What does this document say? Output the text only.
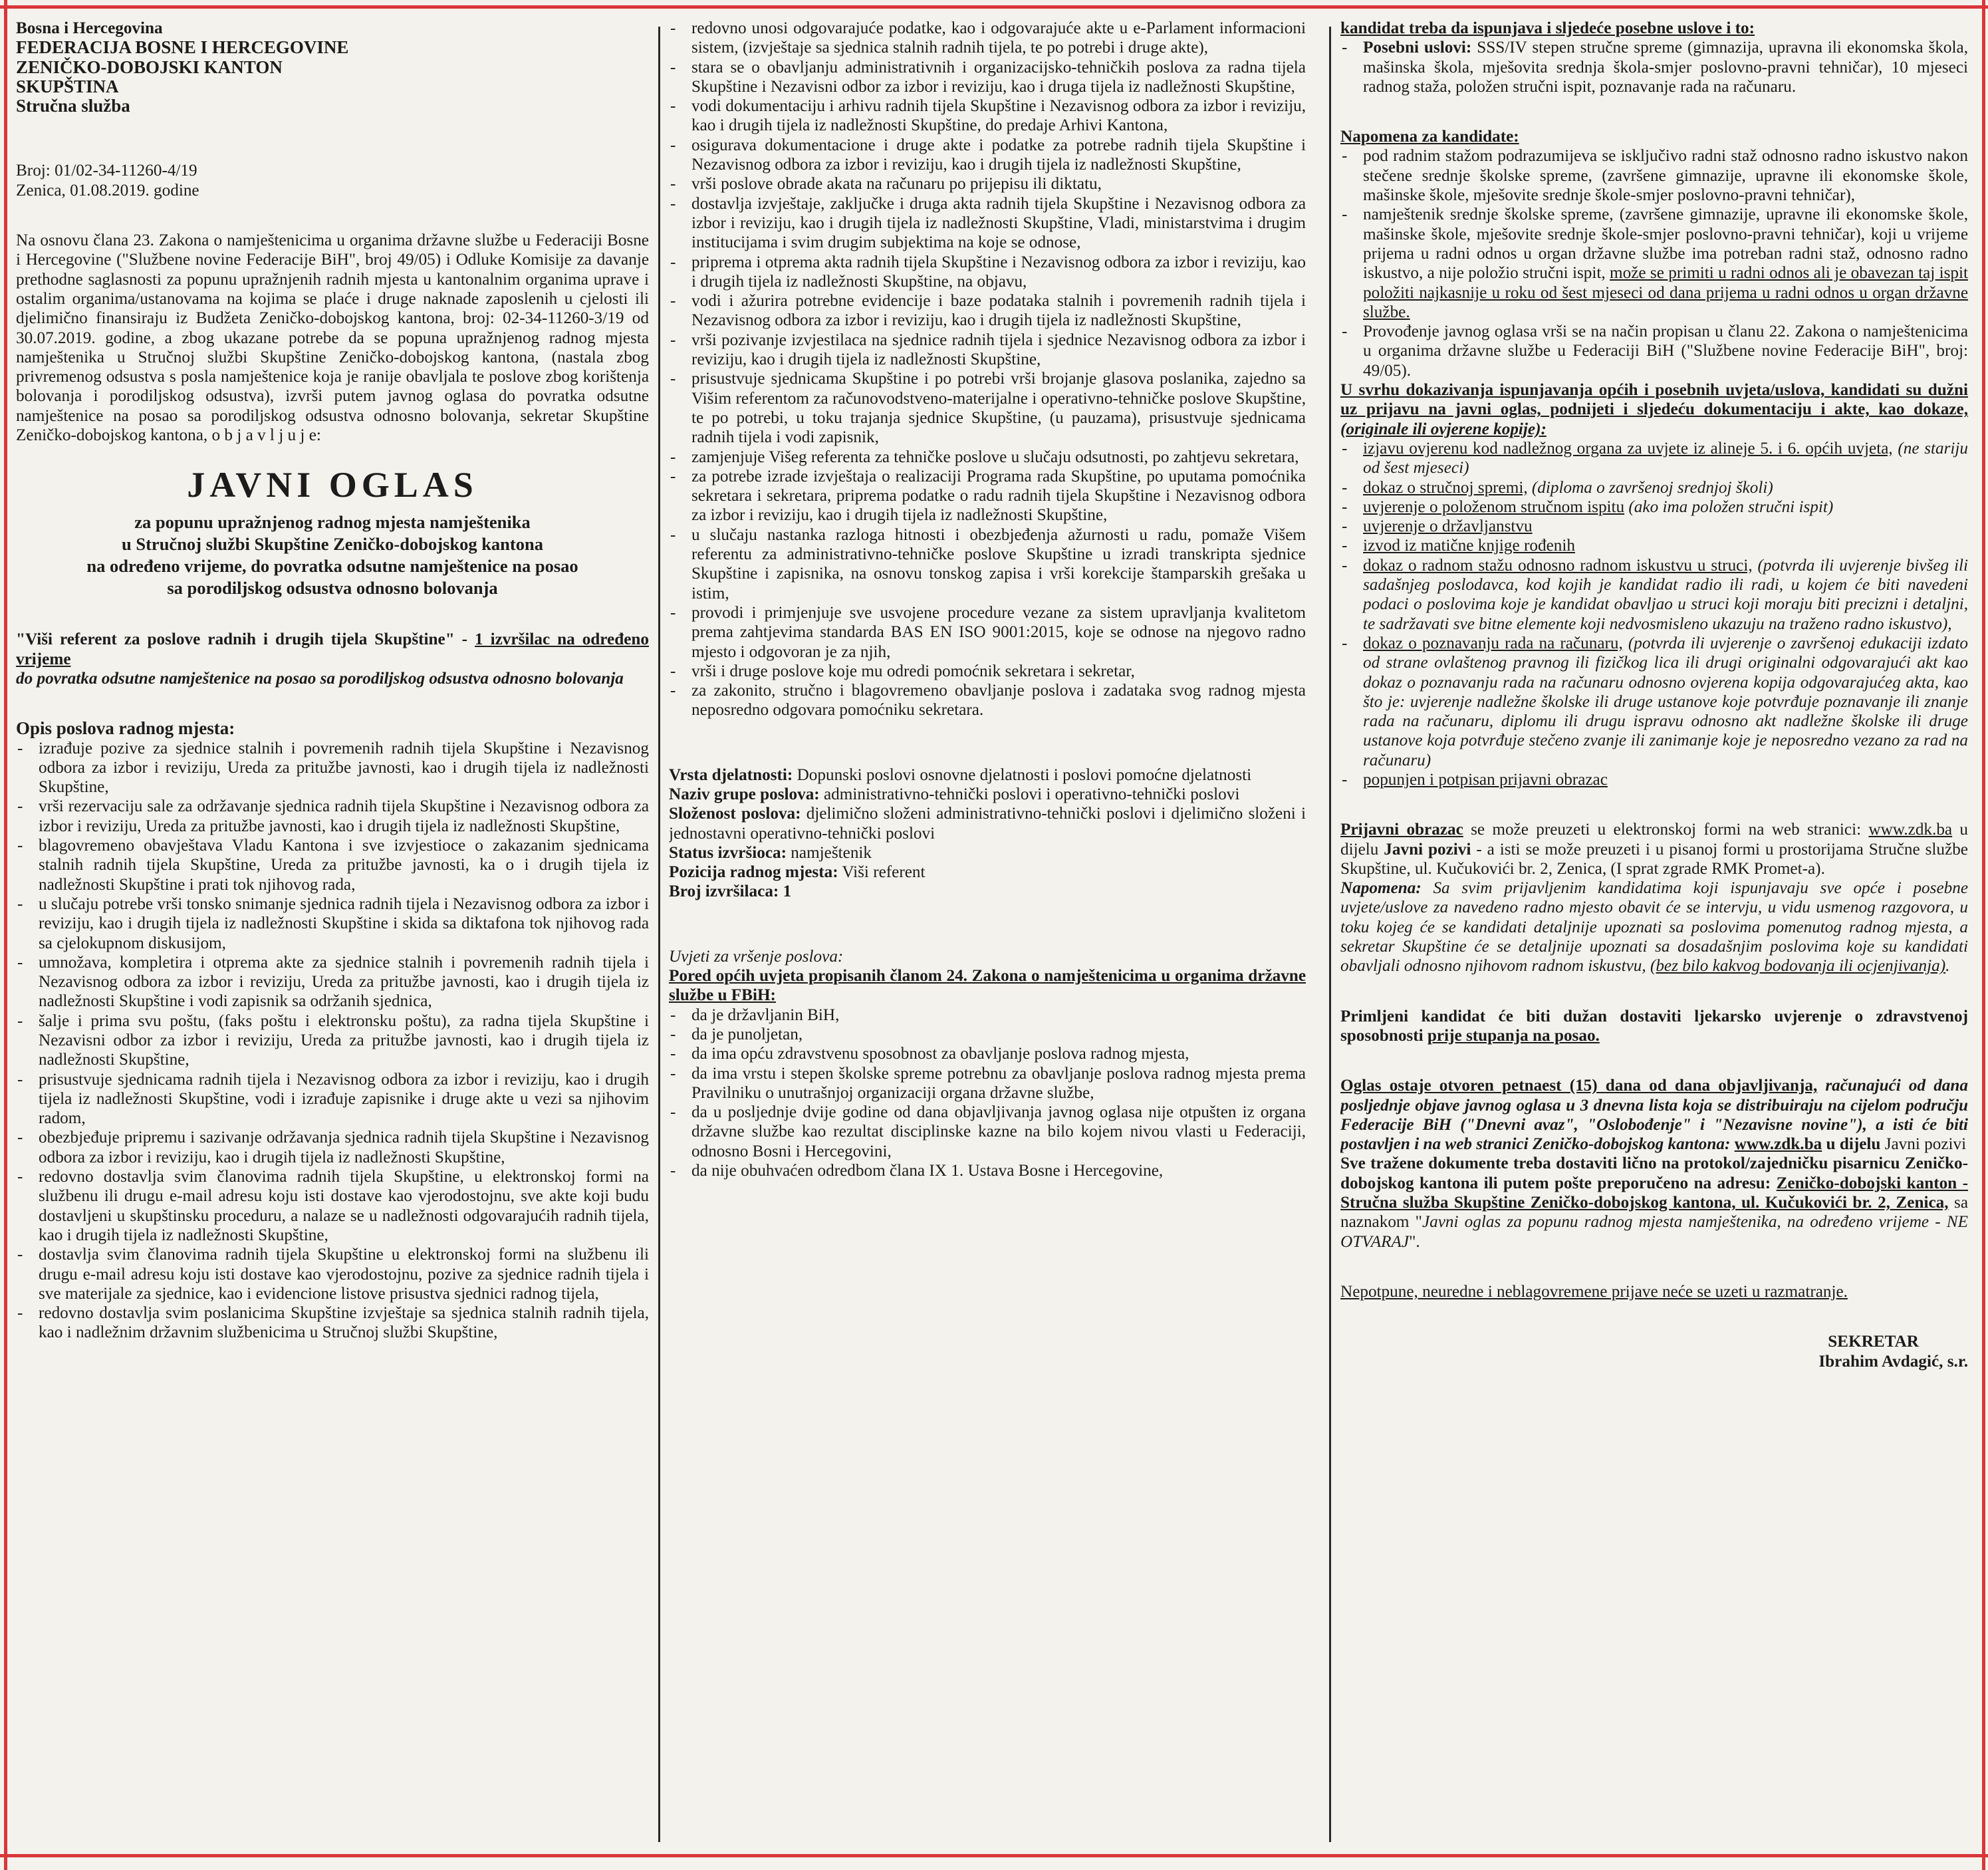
Bosna i Hercegovina

FEDERACIJA BOSNE I HERCEGOVINE

ZENIČKO-DOBOJSKI KANTON

SKUPŠTINA

Stručna služba

Broj: 01/02-34-11260-4/19

Zenica, 01.08.2019. godine

Na osnovu člana 23. Zakona o namještenicima u organima državne službe u Federaciji Bosne i Hercegovine ("Službene novine Federacije BiH", broj 49/05) i Odluke Komisije za davanje prethodne saglasnosti za popunu upražnjenih radnih mjesta u kantonalnim organima uprave i ostalim organima/ustanovama na kojima se plaće i druge naknade zaposlenih u cjelosti ili djelimično finansiraju iz Budžeta Zeničko-dobojskog kantona, broj: 02-34-11260-3/19 od 30.07.2019. godine, a zbog ukazane potrebe da se popuna upražnjenog radnog mjesta namještenika u Stručnoj službi Skupštine Zeničko-dobojskog kantona, (nastala zbog privremenog odsustva s posla namještenice koja je ranije obavljala te poslove zbog korištenja bolovanja i porodiljskog odsustva), izvrši putem javnog oglasa do povratka odsutne namještenice na posao sa porodiljskog odsustva odnosno bolovanja, sekretar Skupštine Zeničko-dobojskog kantona, o b j a v l j u j e:

JAVNI OGLAS

za popunu upražnjenog radnog mjesta namještenika

u Stručnoj službi Skupštine Zeničko-dobojskog kantona

na određeno vrijeme, do povratka odsutne namještenice na posao

sa porodiljskog odsustva odnosno bolovanja

"Viši referent za poslove radnih i drugih tijela Skupštine" - 1 izvršilac na određeno vrijeme

do povratka odsutne namještenice na posao sa porodiljskog odsustva odnosno bolovanja

Opis poslova radnog mjesta:

- izrađuje pozive za sjednice stalnih i povremenih radnih tijela Skupštine i Nezavisnog odbora za izbor i reviziju, Ureda za pritužbe javnosti, kao i drugih tijela iz nadležnosti Skupštine,
- vrši rezervaciju sale za održavanje sjednica radnih tijela Skupštine i Nezavisnog odbora za izbor i reviziju, Ureda za pritužbe javnosti, kao i drugih tijela iz nadležnosti Skupštine,
- blagovremeno obavještava Vladu Kantona i sve izvjestioce o zakazanim sjednicama stalnih radnih tijela Skupštine, Ureda za pritužbe javnosti, ka o i drugih tijela iz nadležnosti Skupštine i prati tok njihovog rada,
- u slučaju potrebe vrši tonsko snimanje sjednica radnih tijela i Nezavisnog odbora za izbor i reviziju, kao i drugih tijela iz nadležnosti Skupštine i skida sa diktafona tok njihovog rada sa cjelokupnom diskusijom,
- umnožava, kompletira i otprema akte za sjednice stalnih i povremenih radnih tijela i Nezavisnog odbora za izbor i reviziju, Ureda za pritužbe javnosti, kao i drugih tijela iz nadležnosti Skupštine i vodi zapisnik sa održanih sjednica,
- šalje i prima svu poštu, (faks poštu i elektronsku poštu), za radna tijela Skupštine i Nezavisni odbor za izbor i reviziju, Ureda za pritužbe javnosti, kao i drugih tijela iz nadležnosti Skupštine,
- prisustvuje sjednicama radnih tijela i Nezavisnog odbora za izbor i reviziju, kao i drugih tijela iz nadležnosti Skupštine, vodi i izrađuje zapisnike i druge akte u vezi sa njihovim radom,
- obezbjeđuje pripremu i sazivanje održavanja sjednica radnih tijela Skupštine i Nezavisnog odbora za izbor i reviziju, kao i drugih tijela iz nadležnosti Skupštine,
- redovno dostavlja svim članovima radnih tijela Skupštine, u elektronskoj formi na službenu ili drugu e-mail adresu koju isti dostave kao vjerodostojnu, sve akte koji budu dostavljeni u skupštinsku proceduru, a nalaze se u nadležnosti odgovarajućih radnih tijela, kao i drugih tijela iz nadležnosti Skupštine,
- dostavlja svim članovima radnih tijela Skupštine u elektronskoj formi na službenu ili drugu e-mail adresu koju isti dostave kao vjerodostojnu, pozive za sjednice radnih tijela i sve materijale za sjednice, kao i evidencione listove prisustva sjednici radnog tijela,
- redovno dostavlja svim poslanicima Skupštine izvještaje sa sjednica stalnih radnih tijela, kao i nadležnim državnim službenicima u Stručnoj službi Skupštine,
- redovno unosi odgovarajuće podatke, kao i odgovarajuće akte u e-Parlament informacioni sistem, (izvještaje sa sjednica stalnih radnih tijela, te po potrebi i druge akte),
- stara se o obavljanju administrativnih i organizacijsko-tehničkih poslova za radna tijela Skupštine i Nezavisni odbor za izbor i reviziju, kao i druga tijela iz nadležnosti Skupštine,
- vodi dokumentaciju i arhivu radnih tijela Skupštine i Nezavisnog odbora za izbor i reviziju, kao i drugih tijela iz nadležnosti Skupštine, do predaje Arhivi Kantona,
- osigurava dokumentacione i druge akte i podatke za potrebe radnih tijela Skupštine i Nezavisnog odbora za izbor i reviziju, kao i drugih tijela iz nadležnosti Skupštine,
- vrši poslove obrade akata na računaru po prijepisu ili diktatu,
- dostavlja izvještaje, zaključke i druga akta radnih tijela Skupštine i Nezavisnog odbora za izbor i reviziju, kao i drugih tijela iz nadležnosti Skupštine, Vladi, ministarstvima i drugim institucijama i svim drugim subjektima na koje se odnose,
- priprema i otprema akta radnih tijela Skupštine i Nezavisnog odbora za izbor i reviziju, kao i drugih tijela iz nadležnosti Skupštine, na objavu,
- vodi i ažurira potrebne evidencije i baze podataka stalnih i povremenih radnih tijela i Nezavisnog odbora za izbor i reviziju, kao i drugih tijela iz nadležnosti Skupštine,
- vrši pozivanje izvjestilaca na sjednice radnih tijela i sjednice Nezavisnog odbora za izbor i reviziju, kao i drugih tijela iz nadležnosti Skupštine,
- prisustvuje sjednicama Skupštine i po potrebi vrši brojanje glasova poslanika, zajedno sa Višim referentom za računovodstveno-materijalne i operativno-tehničke poslove Skupštine, te po potrebi, u toku trajanja sjednice Skupštine, (u pauzama), prisustvuje sjednicama radnih tijela i vodi zapisnik,
- zamjenjuje Višeg referenta za tehničke poslove u slučaju odsutnosti, po zahtjevu sekretara,
- za potrebe izrade izvještaja o realizaciji Programa rada Skupštine, po uputama pomoćnika sekretara i sekretara, priprema podatke o radu radnih tijela Skupštine i Nezavisnog odbora za izbor i reviziju, kao i drugih tijela iz nadležnosti Skupštine,
- u slučaju nastanka razloga hitnosti i obezbjeđenja ažurnosti u radu, pomaže Višem referentu za administrativno-tehničke poslove Skupštine u izradi transkripta sjednice Skupštine i zapisnika, na osnovu tonskog zapisa i vrši korekcije štamparskih grešaka u istim,
- provodi i primjenjuje sve usvojene procedure vezane za sistem upravljanja kvalitetom prema zahtjevima standarda BAS EN ISO 9001:2015, koje se odnose na njegovo radno mjesto i odgovoran je za njih,
- vrši i druge poslove koje mu odredi pomoćnik sekretara i sekretar,
- za zakonito, stručno i blagovremeno obavljanje poslova i zadataka svog radnog mjesta neposredno odgovara pomoćniku sekretara.

Vrsta djelatnosti: Dopunski poslovi osnovne djelatnosti i poslovi pomoćne djelatnosti

Naziv grupe poslova: administrativno-tehnički poslovi i operativno-tehnički poslovi

Složenost poslova: djelimično složeni administrativno-tehnički poslovi i djelimično složeni i jednostavni operativno-tehnički poslovi

Status izvršioca: namještenik

Pozicija radnog mjesta: Viši referent

Broj izvršilaca: 1

Uvjeti za vršenje poslova:

Pored općih uvjeta propisanih članom 24. Zakona o namještenicima u organima državne službe u FBiH:

- da je državljanin BiH,
- da je punoljetan,
- da ima opću zdravstvenu sposobnost za obavljanje poslova radnog mjesta,
- da ima vrstu i stepen školske spreme potrebnu za obavljanje poslova radnog mjesta prema Pravilniku o unutrašnjoj organizaciji organa državne službe,
- da u posljednje dvije godine od dana objavljivanja javnog oglasa nije otpušten iz organa državne službe kao rezultat disciplinske kazne na bilo kojem nivou vlasti u Federaciji, odnosno Bosni i Hercegovini,
- da nije obuhvaćen odredbom člana IX 1. Ustava Bosne i Hercegovine,

kandidat treba da ispunjava i sljedeće posebne uslove i to:

- Posebni uslovi: SSS/IV stepen stručne spreme (gimnazija, upravna ili ekonomska škola, mašinska škola, mješovita srednja škola-smjer poslovno-pravni tehničar), 10 mjeseci radnog staža, položen stručni ispit, poznavanje rada na računaru.

Napomena za kandidate:

- pod radnim stažom podrazumijeva se isključivo radni staž odnosno radno iskustvo nakon stečene srednje školske spreme, (završene gimnazije, upravne ili ekonomske škole, mašinske škole, mješovite srednje škole-smjer poslovno-pravni tehničar),
- namještenik srednje školske spreme, (završene gimnazije, upravne ili ekonomske škole, mašinske škole, mješovite srednje škole-smjer poslovno-pravni tehničar), koji u vrijeme prijema u radni odnos u organ državne službe ima potreban radni staž, odnosno radno iskustvo, a nije položio stručni ispit, može se primiti u radni odnos ali je obavezan taj ispit položiti najkasnije u roku od šest mjeseci od dana prijema u radni odnos u organ državne službe.
- Provođenje javnog oglasa vrši se na način propisan u članu 22. Zakona o namještenicima u organima državne službe u Federaciji BiH ("Službene novine Federacije BiH", broj: 49/05).

U svrhu dokazivanja ispunjavanja općih i posebnih uvjeta/uslova, kandidati su dužni uz prijavu na javni oglas, podnijeti i sljedeću dokumentaciju i akte, kao dokaze, (originale ili ovjerene kopije):

- izjavu ovjerenu kod nadležnog organa za uvjete iz alineje 5. i 6. općih uvjeta, (ne stariju od šest mjeseci)
- dokaz o stručnoj spremi, (diploma o završenoj srednjoj školi)
- uvjerenje o položenom stručnom ispitu (ako ima položen stručni ispit)
- uvjerenje o državljanstvu
- izvod iz matične knjige rođenih
- dokaz o radnom stažu odnosno radnom iskustvu u struci, (potvrda ili uvjerenje bivšeg ili sadašnjeg poslodavca, kod kojih je kandidat radio ili radi, u kojem će biti navedeni podaci o poslovima koje je kandidat obavljao u struci koji moraju biti precizni i detaljni, te sadržavati sve bitne elemente koji nedvosmisleno ukazuju na traženo radno iskustvo),
- dokaz o poznavanju rada na računaru, (potvrda ili uvjerenje o završenoj edukaciji izdato od strane ovlaštenog pravnog ili fizičkog lica ili drugi originalni odgovarajući akt kao dokaz o poznavanju rada na računaru odnosno ovjerena kopija odgovarajućeg akta, kao što je: uvjerenje nadležne školske ili druge ustanove koje potvrđuje poznavanje ili znanje rada na računaru, diplomu ili drugu ispravu odnosno akt nadležne školske ili druge ustanove koja potvrđuje stečeno zvanje ili zanimanje koje je neposredno vezano za rad na računaru)
- popunjen i potpisan prijavni obrazac

Prijavni obrazac se može preuzeti u elektronskoj formi na web stranici: www.zdk.ba u dijelu Javni pozivi - a isti se može preuzeti i u pisanoj formi u prostorijama Stručne službe Skupštine, ul. Kučukovići br. 2, Zenica, (I sprat zgrade RMK Promet-a).

Napomena: Sa svim prijavljenim kandidatima koji ispunjavaju sve opće i posebne uvjete/uslove za navedeno radno mjesto obavit će se intervju, u vidu usmenog razgovora, u toku kojeg će se kandidati detaljnije upoznati sa poslovima pomenutog radnog mjesta, a sekretar Skupštine će se detaljnije upoznati sa dosadašnjim poslovima koje su kandidati obavljali odnosno njihovom radnom iskustvu, (bez bilo kakvog bodovanja ili ocjenjivanja).

Primljeni kandidat će biti dužan dostaviti ljekarsko uvjerenje o zdravstvenoj sposobnosti prije stupanja na posao.

Oglas ostaje otvoren petnaest (15) dana od dana objavljivanja, računajući od dana posljednje objave javnog oglasa u 3 dnevna lista koja se distribuiraju na cijelom području Federacije BiH ("Dnevni avaz", "Oslobođenje" i "Nezavisne novine"), a isti će biti postavljen i na web stranici Zeničko-dobojskog kantona: www.zdk.ba u dijelu Javni pozivi

Sve tražene dokumente treba dostaviti lično na protokol/zajedničku pisarnicu Zeničko-dobojskog kantona ili putem pošte preporučeno na adresu: Zeničko-dobojski kanton - Stručna služba Skupštine Zeničko-dobojskog kantona, ul. Kučukovići br. 2, Zenica, sa naznakom "Javni oglas za popunu radnog mjesta namještenika, na određeno vrijeme - NE OTVARAJ".

Nepotpune, neuredne i neblagovremene prijave neće se uzeti u razmatranje.

SEKRETAR

Ibrahim Avdagić, s.r.
